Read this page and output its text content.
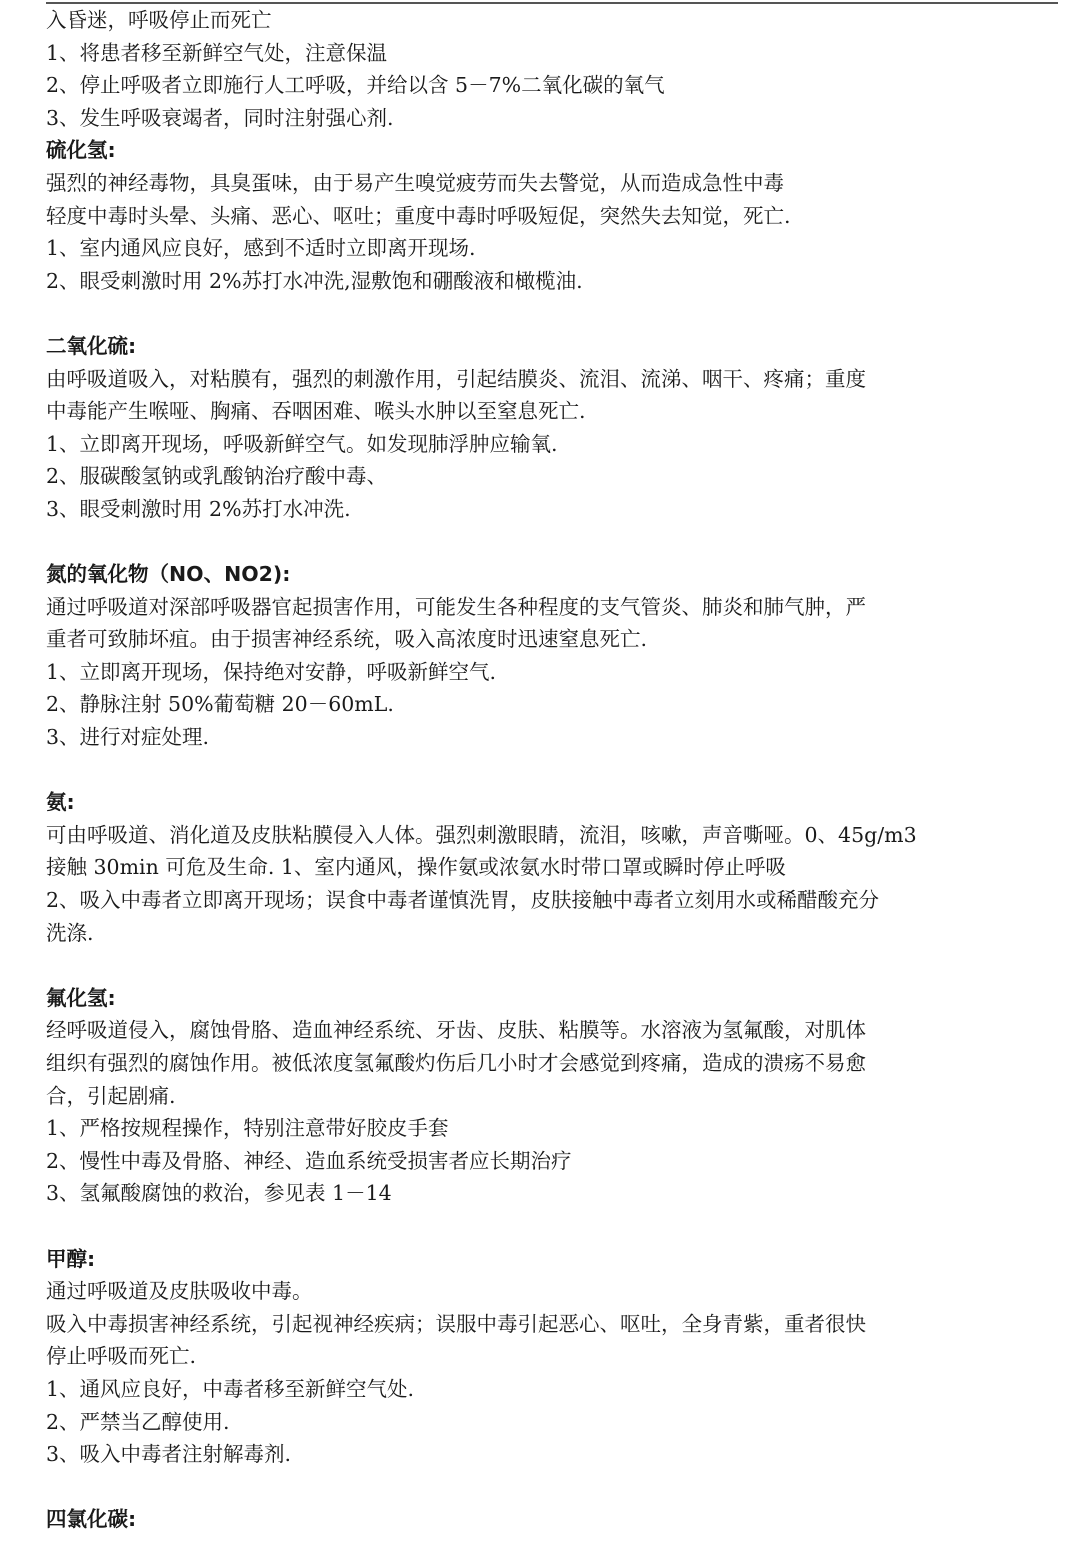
入昏迷，呼吸停止而死亡
1、将患者移至新鲜空气处，注意保温
2、停止呼吸者立即施行人工呼吸，并给以含 5－7%二氧化碳的氧气
3、发生呼吸衰竭者，同时注射强心剂.
硫化氢:
强烈的神经毒物，具臭蛋味，由于易产生嗅觉疲劳而失去警觉，从而造成急性中毒
轻度中毒时头晕、头痛、恶心、呕吐；重度中毒时呼吸短促，突然失去知觉，死亡.
1、室内通风应良好，感到不适时立即离开现场.
2、眼受刺激时用 2%苏打水冲洗,湿敷饱和硼酸液和橄榄油.
二氧化硫:
由呼吸道吸入，对粘膜有，强烈的刺激作用，引起结膜炎、流泪、流涕、咽干、疼痛；重度
中毒能产生喉哑、胸痛、吞咽困难、喉头水肿以至窒息死亡.
1、立即离开现场，呼吸新鲜空气。如发现肺浮肿应输氧.
2、服碳酸氢钠或乳酸钠治疗酸中毒、
3、眼受刺激时用 2%苏打水冲洗.
氮的氧化物（NO、NO2):
通过呼吸道对深部呼吸器官起损害作用，可能发生各种程度的支气管炎、肺炎和肺气肿，严
重者可致肺坏疽。由于损害神经系统，吸入高浓度时迅速窒息死亡.
1、立即离开现场，保持绝对安静，呼吸新鲜空气.
2、静脉注射 50%葡萄糖 20－60mL.
3、进行对症处理.
氨:
可由呼吸道、消化道及皮肤粘膜侵入人体。强烈刺激眼睛，流泪，咳嗽，声音嘶哑。0、45g/m3
接触 30min 可危及生命. 1、室内通风，操作氨或浓氨水时带口罩或瞬时停止呼吸
2、吸入中毒者立即离开现场；误食中毒者谨慎洗胃，皮肤接触中毒者立刻用水或稀醋酸充分
洗涤.
氟化氢:
经呼吸道侵入，腐蚀骨胳、造血神经系统、牙齿、皮肤、粘膜等。水溶液为氢氟酸，对肌体
组织有强烈的腐蚀作用。被低浓度氢氟酸灼伤后几小时才会感觉到疼痛，造成的溃疡不易愈
合，引起剧痛.
1、严格按规程操作，特别注意带好胶皮手套
2、慢性中毒及骨胳、神经、造血系统受损害者应长期治疗
3、氢氟酸腐蚀的救治，参见表 1－14
甲醇:
通过呼吸道及皮肤吸收中毒。
吸入中毒损害神经系统，引起视神经疾病；误服中毒引起恶心、呕吐，全身青紫，重者很快
停止呼吸而死亡.
1、通风应良好，中毒者移至新鲜空气处.
2、严禁当乙醇使用.
3、吸入中毒者注射解毒剂.
四氯化碳:
